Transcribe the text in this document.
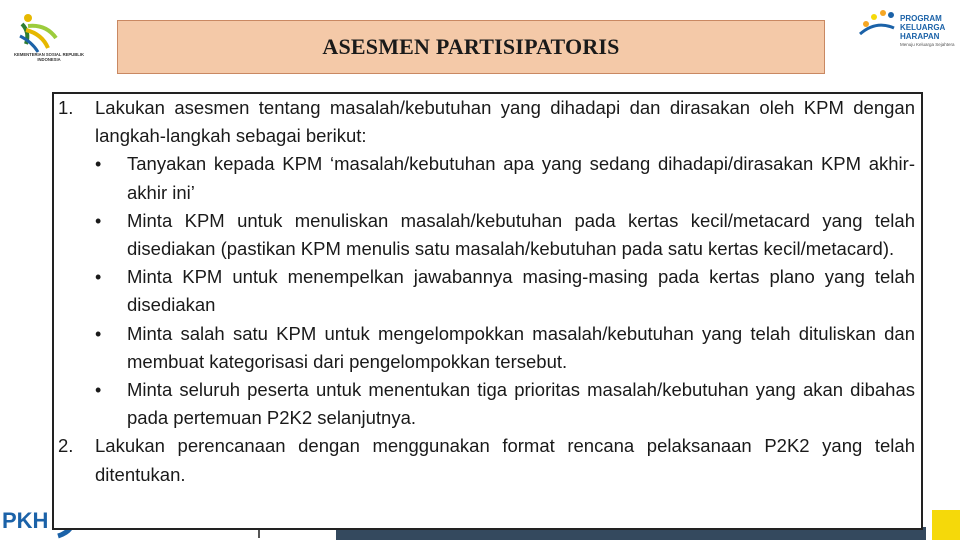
KEMENTERIAN SOSIAL REPUBLIK INDONESIA
ASESMEN PARTISIPATORIS
PROGRAM
KELUARGA
HARAPAN
Menuju Keluarga Sejahtera
PKH
1. Lakukan asesmen tentang masalah/kebutuhan yang dihadapi dan dirasakan oleh KPM dengan langkah-langkah sebagai berikut:
• Tanyakan kepada KPM ‘masalah/kebutuhan apa yang sedang dihadapi/dirasakan KPM akhir-akhir ini’
• Minta KPM untuk menuliskan masalah/kebutuhan pada kertas kecil/metacard yang telah disediakan (pastikan KPM menulis satu masalah/kebutuhan pada satu kertas kecil/metacard).
• Minta KPM untuk menempelkan jawabannya masing-masing pada kertas plano yang telah disediakan
• Minta salah satu KPM untuk mengelompokkan masalah/kebutuhan yang telah dituliskan dan membuat kategorisasi dari pengelompokkan tersebut.
• Minta seluruh peserta untuk menentukan tiga prioritas masalah/kebutuhan yang akan dibahas pada pertemuan P2K2 selanjutnya.
2. Lakukan perencanaan dengan menggunakan format rencana pelaksanaan P2K2 yang telah ditentukan.
